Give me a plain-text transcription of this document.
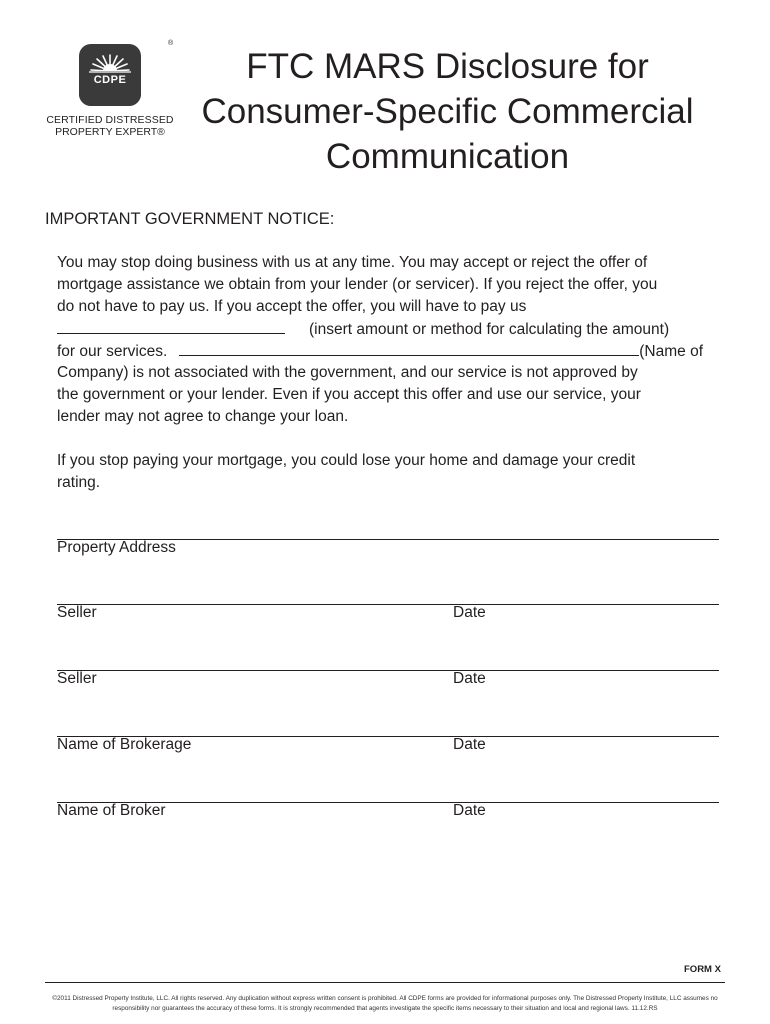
®
CDPE
CERTIFIED DISTRESSED
PROPERTY EXPERT®
FTC MARS Disclosure for
Consumer-Specific Commercial
Communication
IMPORTANT GOVERNMENT NOTICE:
You may stop doing business with us at any time. You may accept or reject the offer of
mortgage assistance we obtain from your lender (or servicer). If you reject the offer, you
do not have to pay us. If you accept the offer, you will have to pay us
(insert amount or method for calculating the amount)
for our services.	(Name of
Company) is not associated with the government, and our service is not approved by
the government or your lender. Even if you accept this offer and use our service, your
lender may not agree to change your loan.
If you stop paying your mortgage, you could lose your home and damage your credit
rating.
Property Address
Seller	Date
Seller	Date
Name of Brokerage	Date
Name of Broker	Date
FORM X
©2011 Distressed Property Institute, LLC. All rights reserved. Any duplication without express written consent is prohibited. All CDPE forms are provided for informational purposes only. The Distressed Property Institute, LLC assumes no
responsibility nor guarantees the accuracy of these forms. It is strongly recommended that agents investigate the specific items necessary to their situation and local and regional laws. 11.12.RS
